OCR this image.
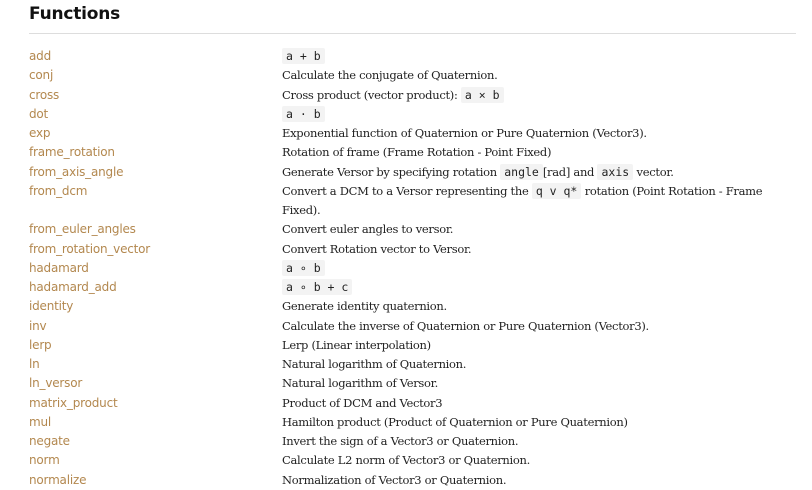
Functions
add	a + b
conj	Calculate the conjugate of Quaternion.
cross	Cross product (vector product): a × b
dot	a · b
exp	Exponential function of Quaternion or Pure Quaternion (Vector3).
frame_rotation	Rotation of frame (Frame Rotation - Point Fixed)
from_axis_angle	Generate Versor by specifying rotation angle [rad] and axis vector.
from_dcm	Convert a DCM to a Versor representing the q v q* rotation (Point Rotation - Frame Fixed).
from_euler_angles	Convert euler angles to versor.
from_rotation_vector	Convert Rotation vector to Versor.
hadamard	a ∘ b
hadamard_add	a ∘ b + c
identity	Generate identity quaternion.
inv	Calculate the inverse of Quaternion or Pure Quaternion (Vector3).
lerp	Lerp (Linear interpolation)
ln	Natural logarithm of Quaternion.
ln_versor	Natural logarithm of Versor.
matrix_product	Product of DCM and Vector3
mul	Hamilton product (Product of Quaternion or Pure Quaternion)
negate	Invert the sign of a Vector3 or Quaternion.
norm	Calculate L2 norm of Vector3 or Quaternion.
normalize	Normalization of Vector3 or Quaternion.
